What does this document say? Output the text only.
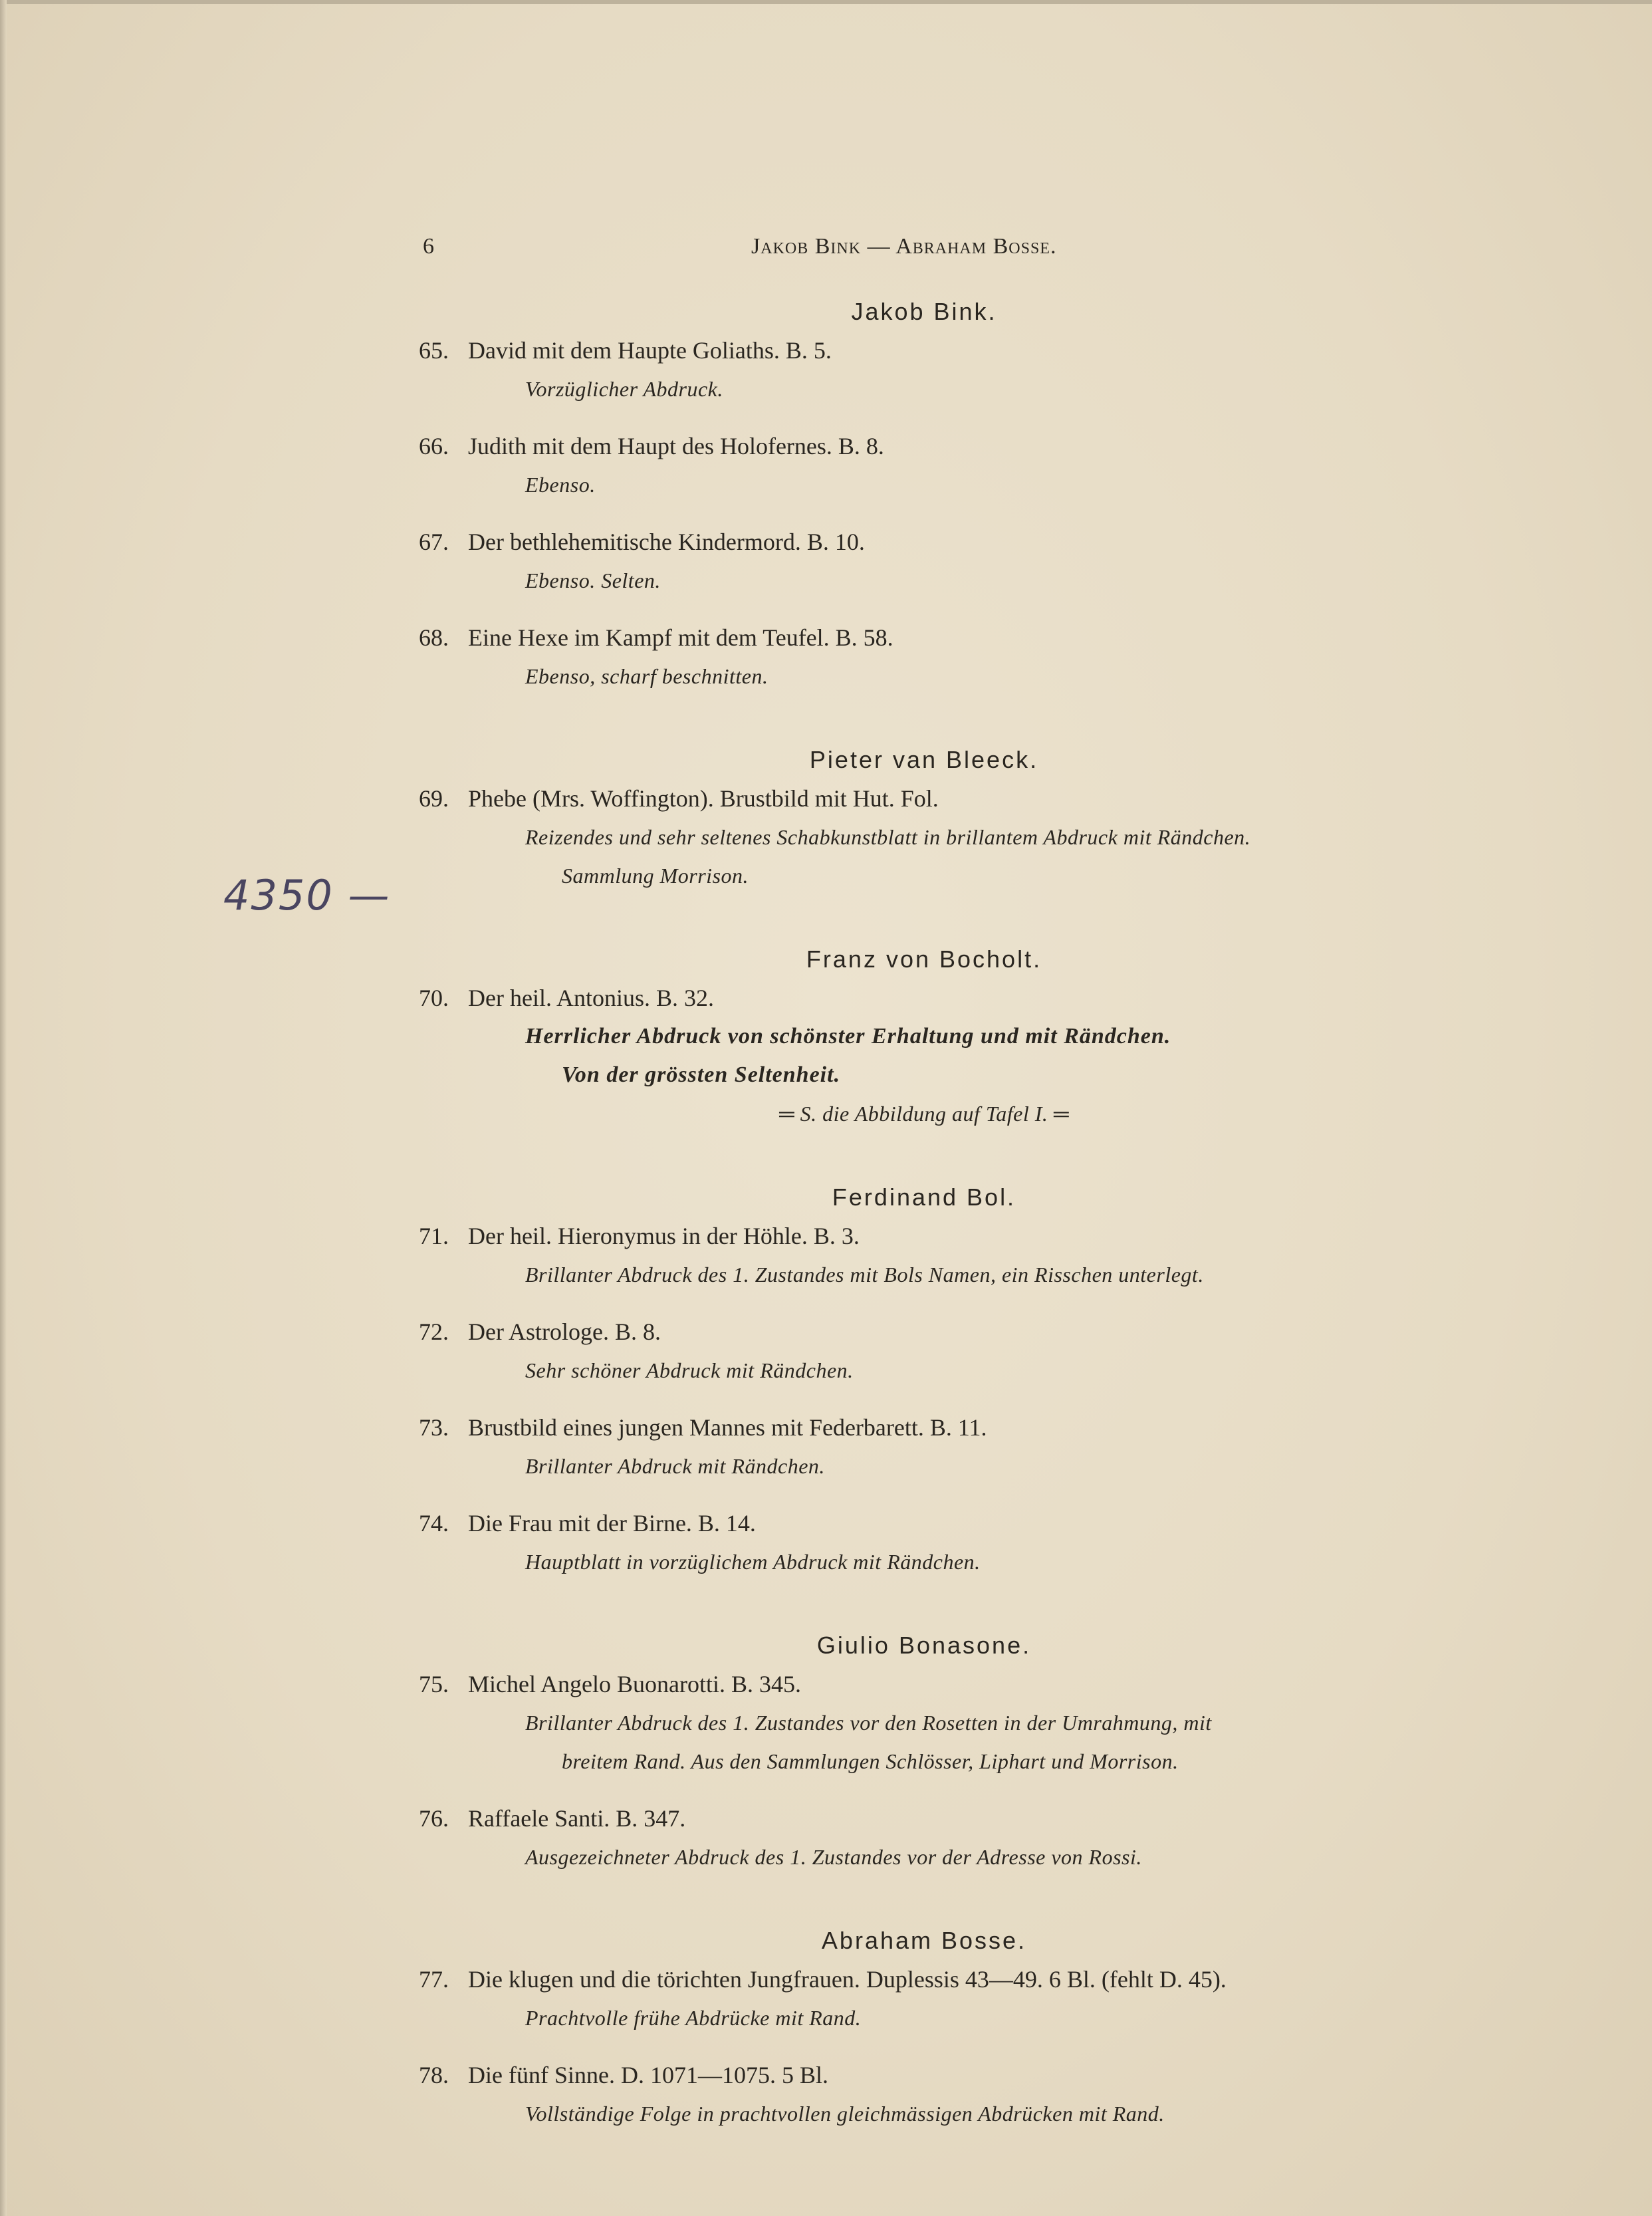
6	Jakob Bink — Abraham Bosse.
4350 —
Jakob Bink.
65. David mit dem Haupte Goliaths. B. 5.
Vorzüglicher Abdruck.
66. Judith mit dem Haupt des Holofernes. B. 8.
Ebenso.
67. Der bethlehemitische Kindermord. B. 10.
Ebenso. Selten.
68. Eine Hexe im Kampf mit dem Teufel. B. 58.
Ebenso, scharf beschnitten.
Pieter van Bleeck.
69. Phebe (Mrs. Woffington). Brustbild mit Hut. Fol.
Reizendes und sehr seltenes Schabkunstblatt in brillantem Abdruck mit Rändchen.
Sammlung Morrison.
Franz von Bocholt.
70. Der heil. Antonius. B. 32.
Herrlicher Abdruck von schönster Erhaltung und mit Rändchen.
Von der grössten Seltenheit.
═ S. die Abbildung auf Tafel I. ═
Ferdinand Bol.
71. Der heil. Hieronymus in der Höhle. B. 3.
Brillanter Abdruck des 1. Zustandes mit Bols Namen, ein Risschen unterlegt.
72. Der Astrologe. B. 8.
Sehr schöner Abdruck mit Rändchen.
73. Brustbild eines jungen Mannes mit Federbarett. B. 11.
Brillanter Abdruck mit Rändchen.
74. Die Frau mit der Birne. B. 14.
Hauptblatt in vorzüglichem Abdruck mit Rändchen.
Giulio Bonasone.
75. Michel Angelo Buonarotti. B. 345.
Brillanter Abdruck des 1. Zustandes vor den Rosetten in der Umrahmung, mit
breitem Rand. Aus den Sammlungen Schlösser, Liphart und Morrison.
76. Raffaele Santi. B. 347.
Ausgezeichneter Abdruck des 1. Zustandes vor der Adresse von Rossi.
Abraham Bosse.
77. Die klugen und die törichten Jungfrauen. Duplessis 43—49. 6 Bl. (fehlt D. 45).
Prachtvolle frühe Abdrücke mit Rand.
78. Die fünf Sinne. D. 1071—1075. 5 Bl.
Vollständige Folge in prachtvollen gleichmässigen Abdrücken mit Rand.
